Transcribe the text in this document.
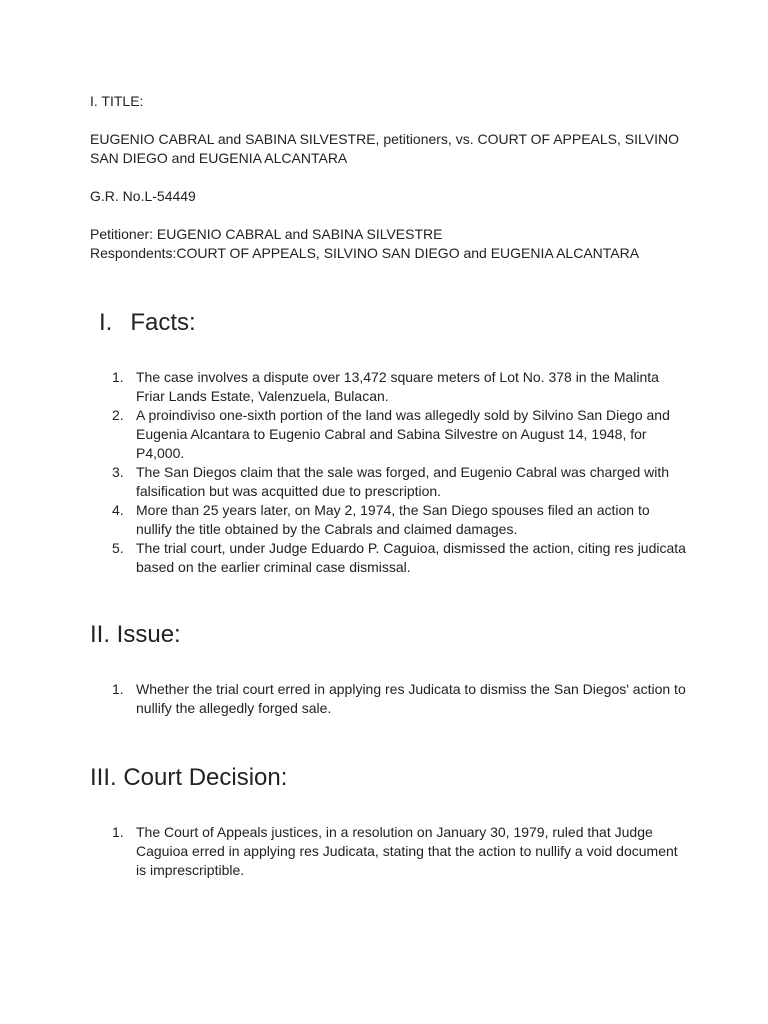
I. TITLE:

EUGENIO CABRAL and SABINA SILVESTRE, petitioners, vs. COURT OF APPEALS, SILVINO
SAN DIEGO and EUGENIA ALCANTARA

G.R. No.L-54449

Petitioner: EUGENIO CABRAL and SABINA SILVESTRE
Respondents:COURT OF APPEALS, SILVINO SAN DIEGO and EUGENIA ALCANTARA

I. Facts:
1. The case involves a dispute over 13,472 square meters of Lot No. 378 in the Malinta
Friar Lands Estate, Valenzuela, Bulacan.
2. A proindiviso one-sixth portion of the land was allegedly sold by Silvino San Diego and
Eugenia Alcantara to Eugenio Cabral and Sabina Silvestre on August 14, 1948, for
P4,000.
3. The San Diegos claim that the sale was forged, and Eugenio Cabral was charged with
falsification but was acquitted due to prescription.
4. More than 25 years later, on May 2, 1974, the San Diego spouses filed an action to
nullify the title obtained by the Cabrals and claimed damages.
5. The trial court, under Judge Eduardo P. Caguioa, dismissed the action, citing res judicata
based on the earlier criminal case dismissal.
II. Issue:
1. Whether the trial court erred in applying res Judicata to dismiss the San Diegos' action to
nullify the allegedly forged sale.
III. Court Decision:
1. The Court of Appeals justices, in a resolution on January 30, 1979, ruled that Judge
Caguioa erred in applying res Judicata, stating that the action to nullify a void document
is imprescriptible.
